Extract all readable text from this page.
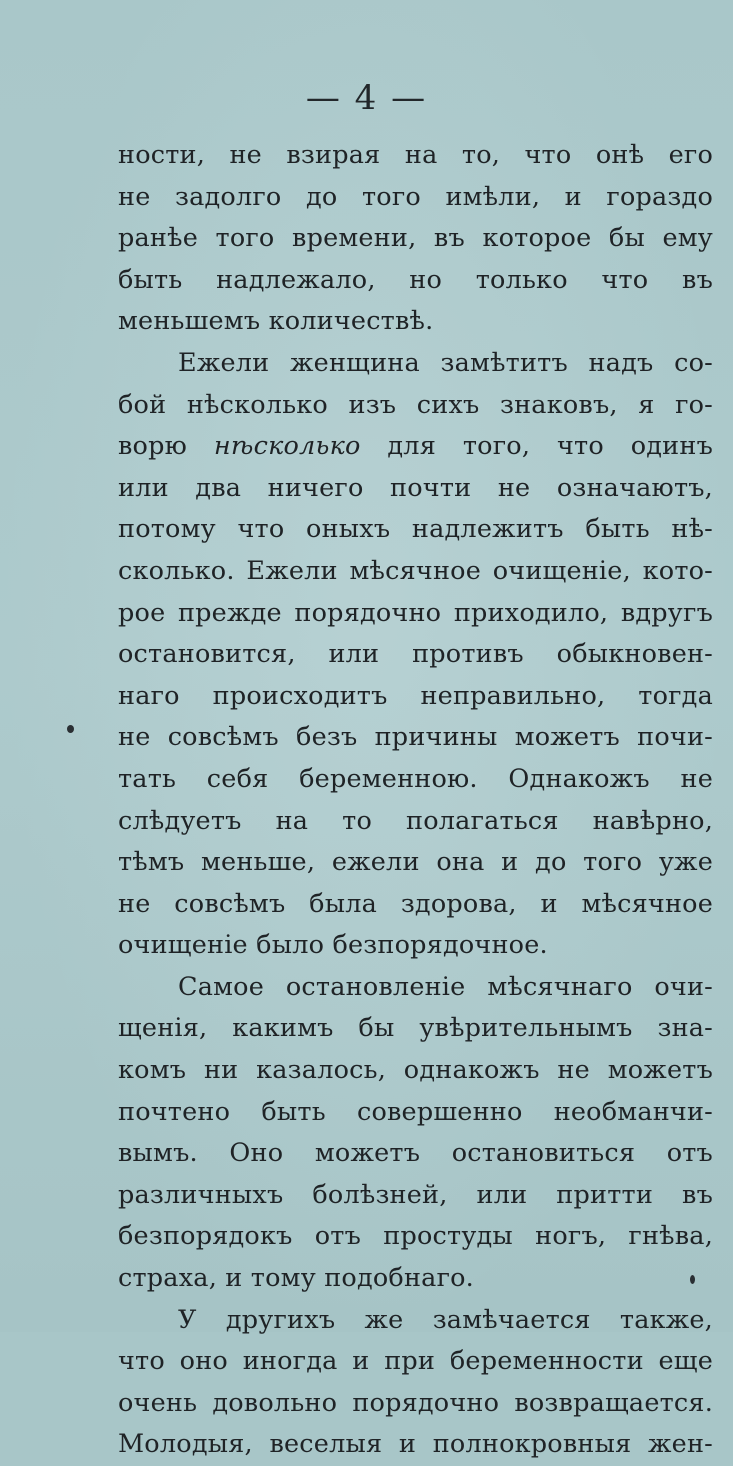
— 4 —
ности, не взирая на то, что онѣ его
не задолго до того имѣли, и гораздо
ранѣе того времени, въ которое бы ему
быть надлежало, но только что въ
меньшемъ количествѣ.
Ежели женщина замѣтитъ надъ со-
бой нѣсколько изъ сихъ знаковъ, я го-
ворю нѣсколько для того, что одинъ
или два ничего почти не означаютъ,
потому что оныхъ надлежитъ быть нѣ-
сколько. Ежели мѣсячное очищеніе, кото-
рое прежде порядочно приходило, вдругъ
остановится, или противъ обыкновен-
наго происходитъ неправильно, тогда
не совсѣмъ безъ причины можетъ почи-
тать себя беременною. Однакожъ не
слѣдуетъ на то полагаться навѣрно,
тѣмъ меньше, ежели она и до того уже
не совсѣмъ была здорова, и мѣсячное
очищеніе было безпорядочное.
Самое остановленіе мѣсячнаго очи-
щенія, какимъ бы увѣрительнымъ зна-
комъ ни казалось, однакожъ не можетъ
почтено быть совершенно необманчи-
вымъ. Оно можетъ остановиться отъ
различныхъ болѣзней, или притти въ
безпорядокъ отъ простуды ногъ, гнѣва,
страха, и тому подобнаго.
У другихъ же замѣчается также,
что оно иногда и при беременности еще
очень довольно порядочно возвращается.
Молодыя, веселыя и полнокровныя жен-
